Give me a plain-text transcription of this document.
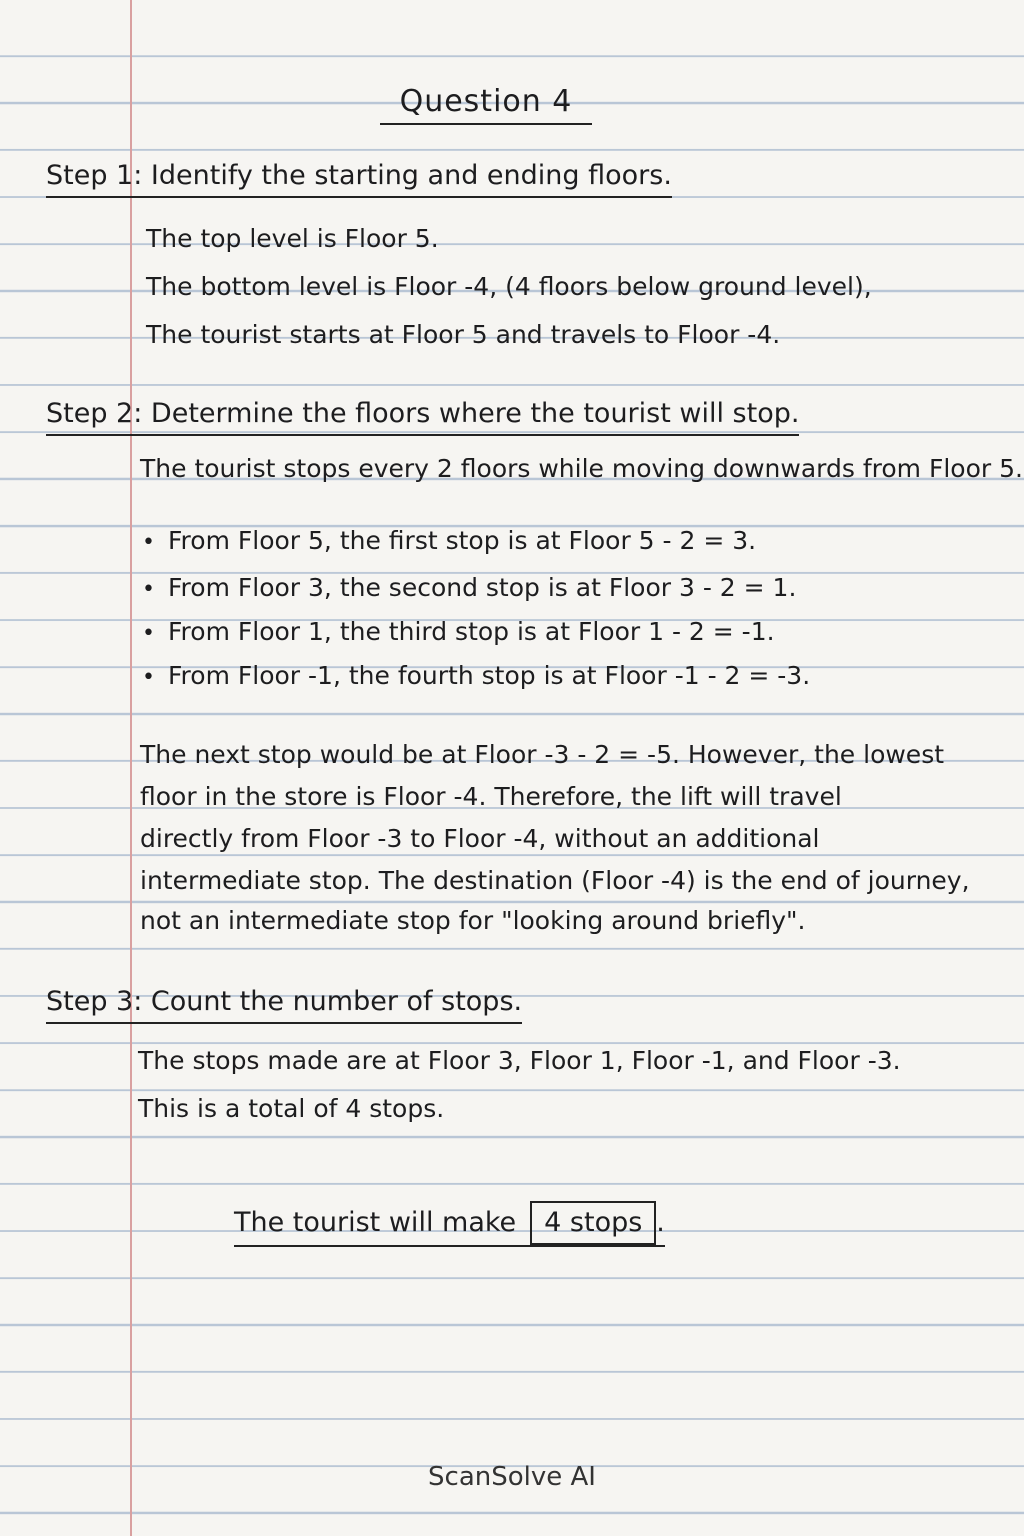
Question 4
Step 1: Identify the starting and ending floors.
The top level is Floor 5.
The bottom level is Floor -4, (4 floors below ground level),
The tourist starts at Floor 5 and travels to Floor -4.
Step 2: Determine the floors where the tourist will stop.
The tourist stops every 2 floors while moving downwards from Floor 5.
• From Floor 5, the first stop is at Floor 5 - 2 = 3.
• From Floor 3, the second stop is at Floor 3 - 2 = 1.
• From Floor 1, the third stop is at Floor 1 - 2 = -1.
• From Floor -1, the fourth stop is at Floor -1 - 2 = -3.
The next stop would be at Floor -3 - 2 = -5. However, the lowest
floor in the store is Floor -4. Therefore, the lift will travel
directly from Floor -3 to Floor -4, without an additional
intermediate stop. The destination (Floor -4) is the end of journey,
not an intermediate stop for "looking around briefly".
Step 3: Count the number of stops.
The stops made are at Floor 3, Floor 1, Floor -1, and Floor -3.
This is a total of 4 stops.
The tourist will make 4 stops .
ScanSolve AI
